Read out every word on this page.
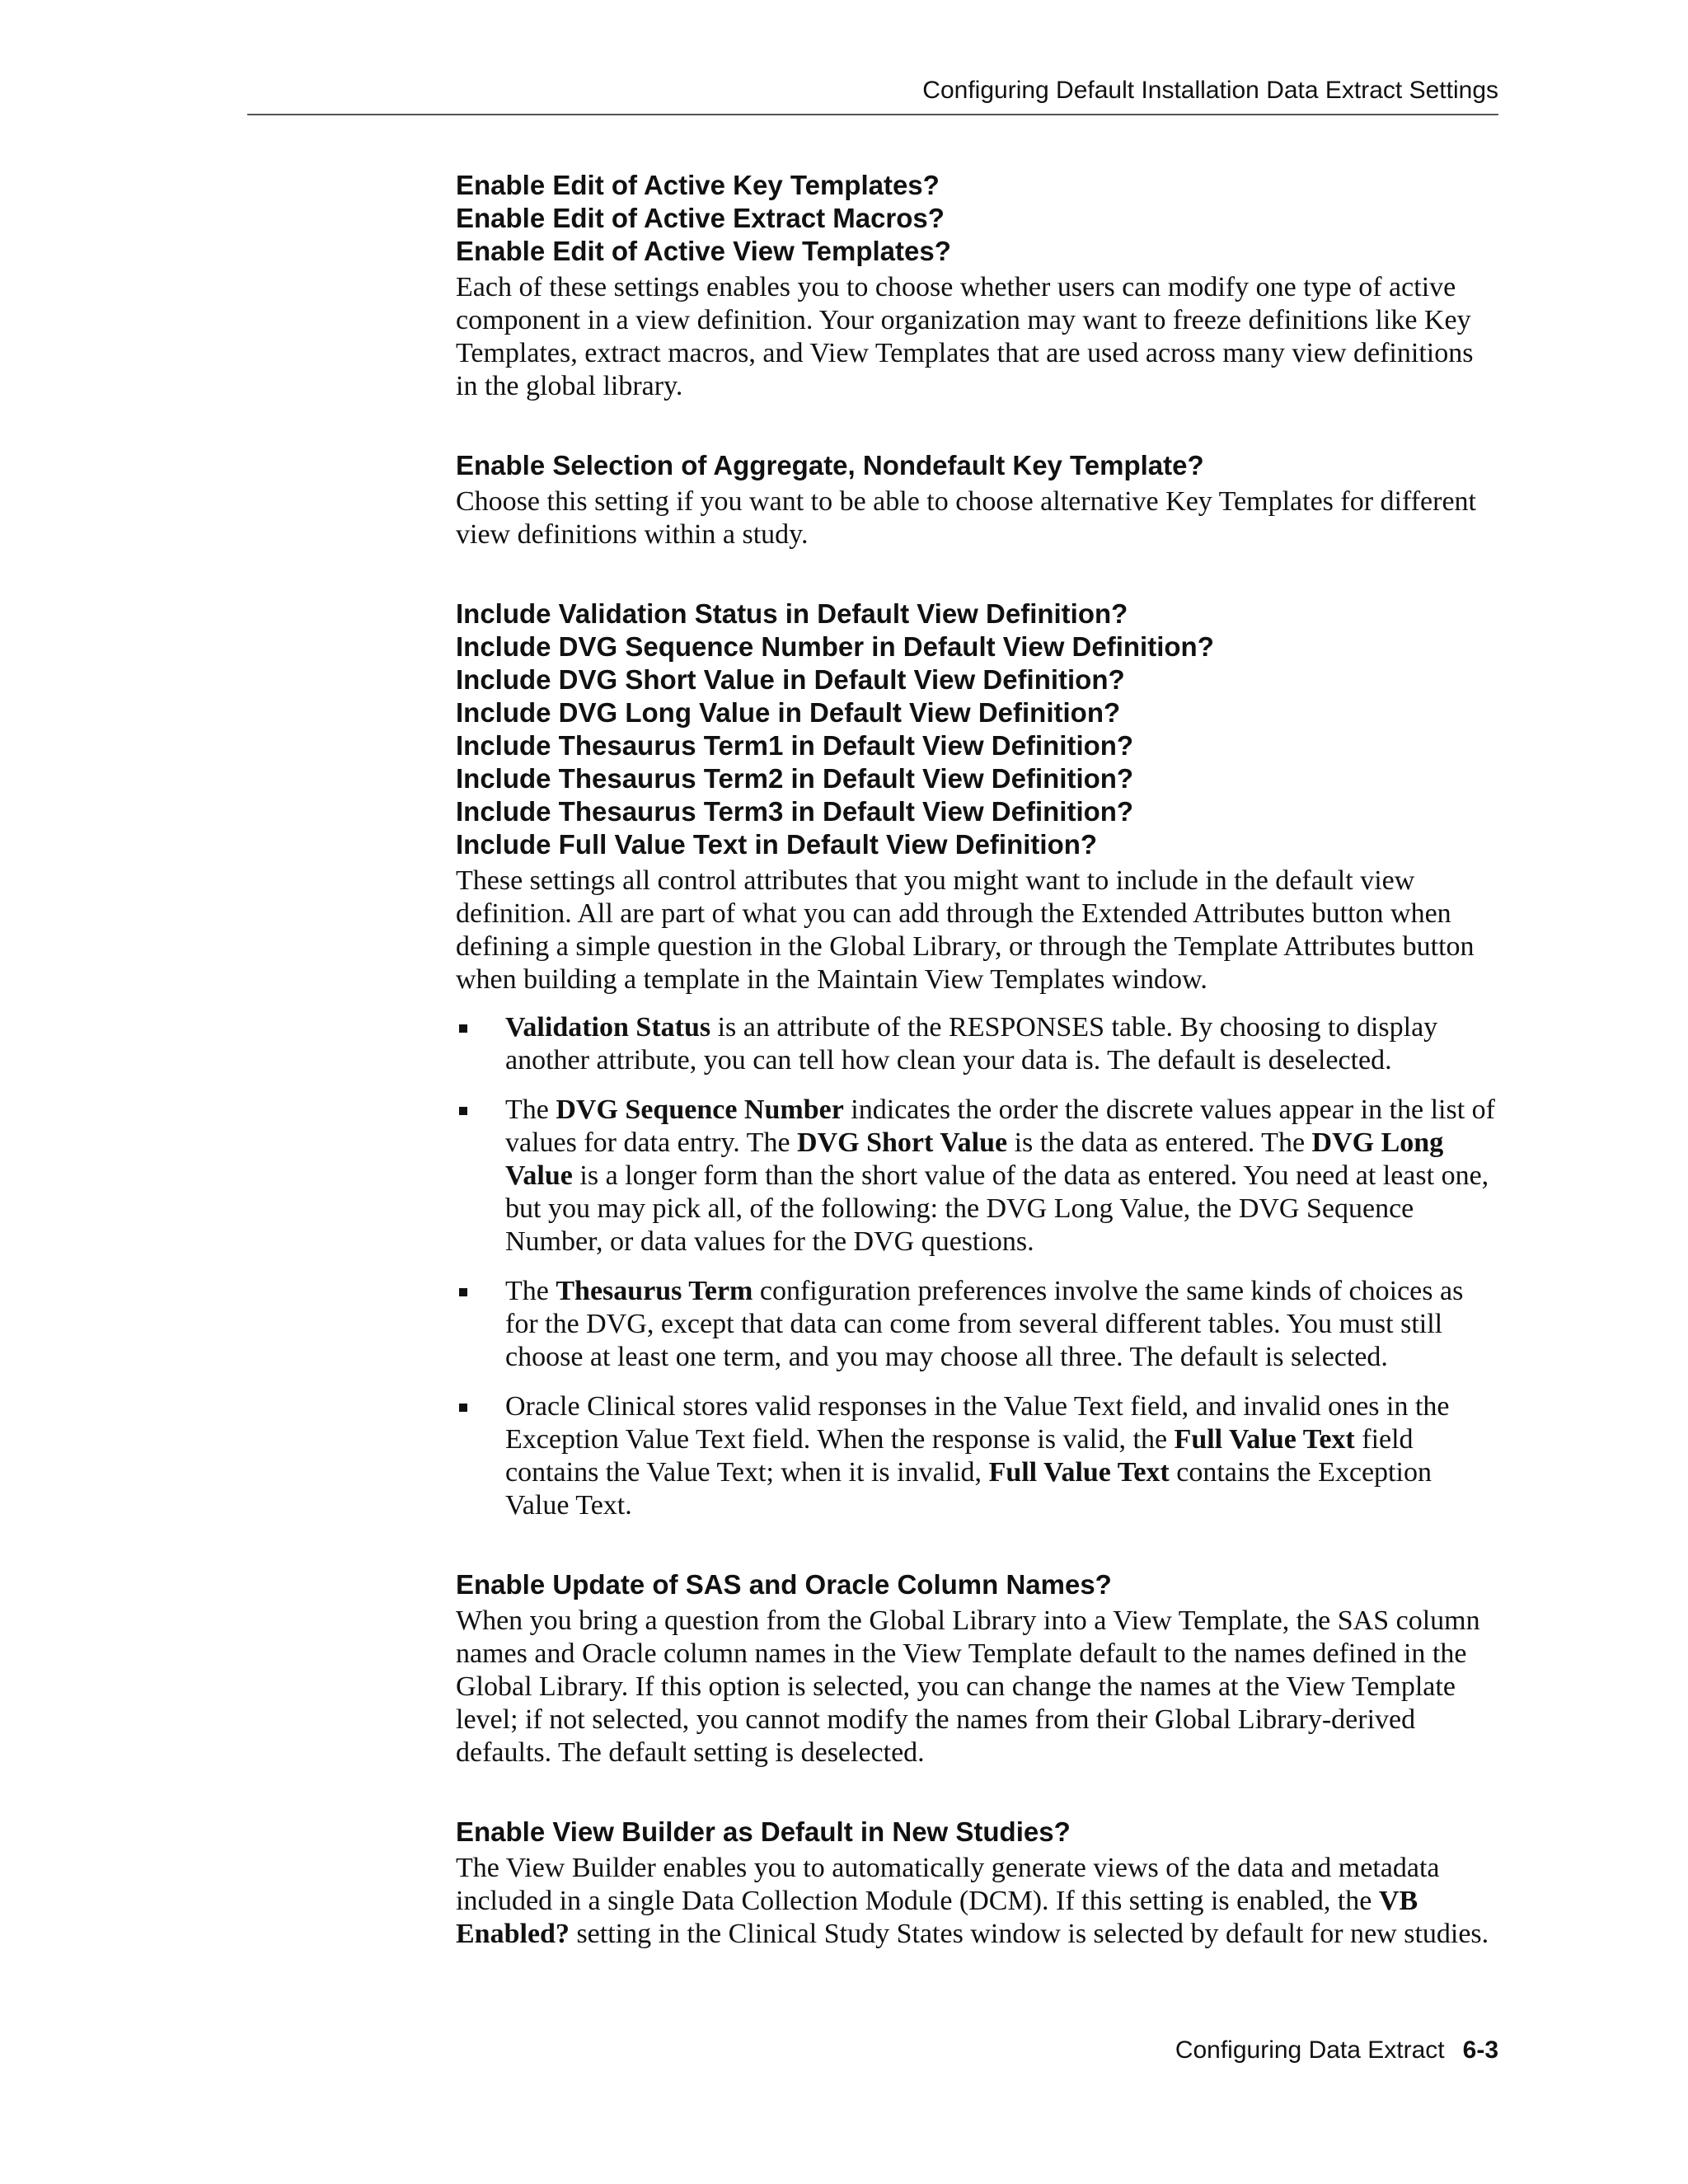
Configuring Default Installation Data Extract Settings
Enable Edit of Active Key Templates?
Enable Edit of Active Extract Macros?
Enable Edit of Active View Templates?

Each of these settings enables you to choose whether users can modify one type of active component in a view definition. Your organization may want to freeze definitions like Key Templates, extract macros, and View Templates that are used across many view definitions in the global library.

Enable Selection of Aggregate, Nondefault Key Template?

Choose this setting if you want to be able to choose alternative Key Templates for different view definitions within a study.

Include Validation Status in Default View Definition?
Include DVG Sequence Number in Default View Definition?
Include DVG Short Value in Default View Definition?
Include DVG Long Value in Default View Definition?
Include Thesaurus Term1 in Default View Definition?
Include Thesaurus Term2 in Default View Definition?
Include Thesaurus Term3 in Default View Definition?
Include Full Value Text in Default View Definition?

These settings all control attributes that you might want to include in the default view definition. All are part of what you can add through the Extended Attributes button when defining a simple question in the Global Library, or through the Template Attributes button when building a template in the Maintain View Templates window.

Validation Status is an attribute of the RESPONSES table. By choosing to display another attribute, you can tell how clean your data is. The default is deselected.
The DVG Sequence Number indicates the order the discrete values appear in the list of values for data entry. The DVG Short Value is the data as entered. The DVG Long Value is a longer form than the short value of the data as entered. You need at least one, but you may pick all, of the following: the DVG Long Value, the DVG Sequence Number, or data values for the DVG questions.
The Thesaurus Term configuration preferences involve the same kinds of choices as for the DVG, except that data can come from several different tables. You must still choose at least one term, and you may choose all three. The default is selected.
Oracle Clinical stores valid responses in the Value Text field, and invalid ones in the Exception Value Text field. When the response is valid, the Full Value Text field contains the Value Text; when it is invalid, Full Value Text contains the Exception Value Text.
Enable Update of SAS and Oracle Column Names?

When you bring a question from the Global Library into a View Template, the SAS column names and Oracle column names in the View Template default to the names defined in the Global Library. If this option is selected, you can change the names at the View Template level; if not selected, you cannot modify the names from their Global Library-derived defaults. The default setting is deselected.

Enable View Builder as Default in New Studies?

The View Builder enables you to automatically generate views of the data and metadata included in a single Data Collection Module (DCM). If this setting is enabled, the VB Enabled? setting in the Clinical Study States window is selected by default for new studies.

Configuring Data Extract 6-3
